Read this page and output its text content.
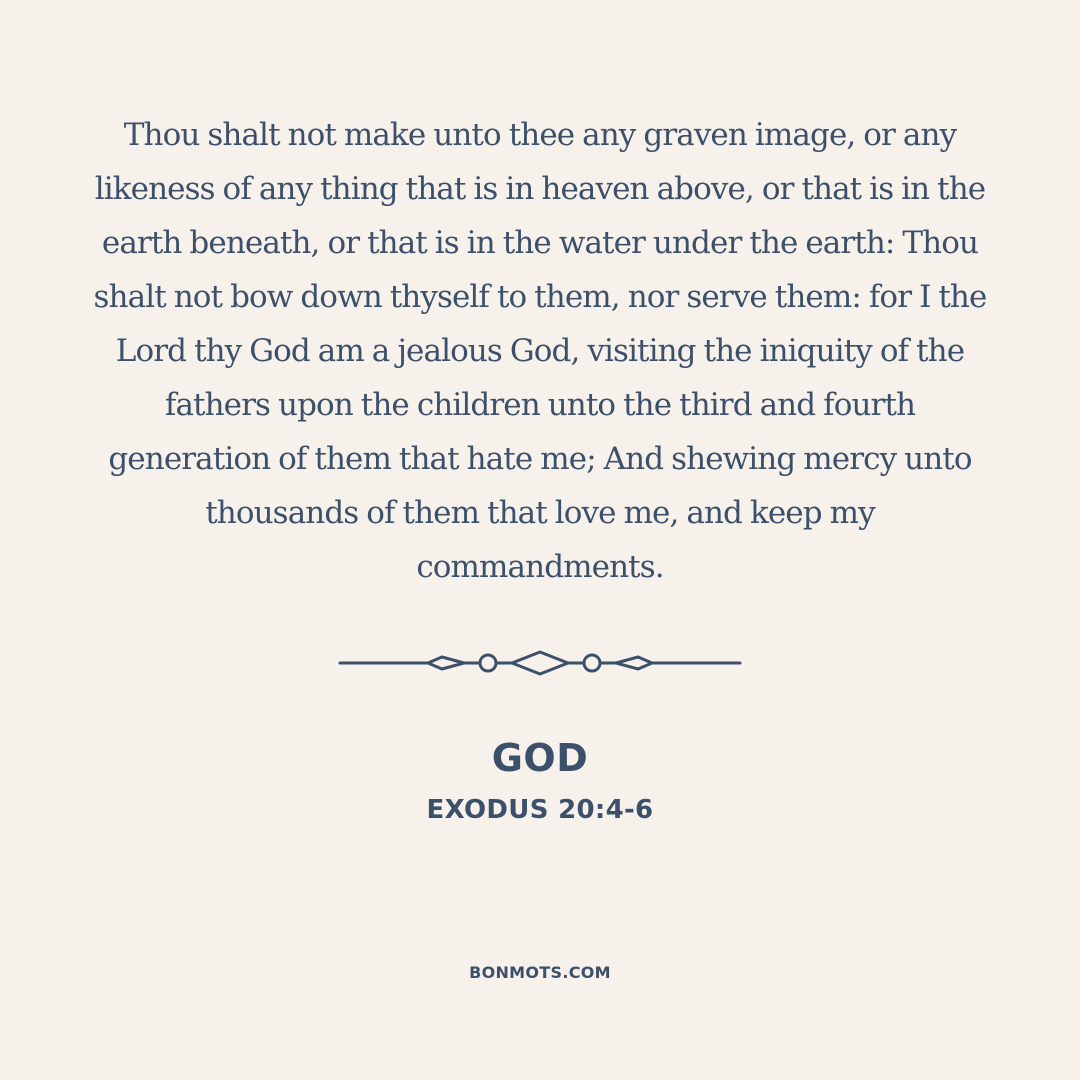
Thou shalt not make unto thee any graven image, or any likeness of any thing that is in heaven above, or that is in the earth beneath, or that is in the water under the earth: Thou shalt not bow down thyself to them, nor serve them: for I the Lord thy God am a jealous God, visiting the iniquity of the fathers upon the children unto the third and fourth generation of them that hate me; And shewing mercy unto thousands of them that love me, and keep my commandments.

GOD

EXODUS 20:4-6

BONMOTS.COM
